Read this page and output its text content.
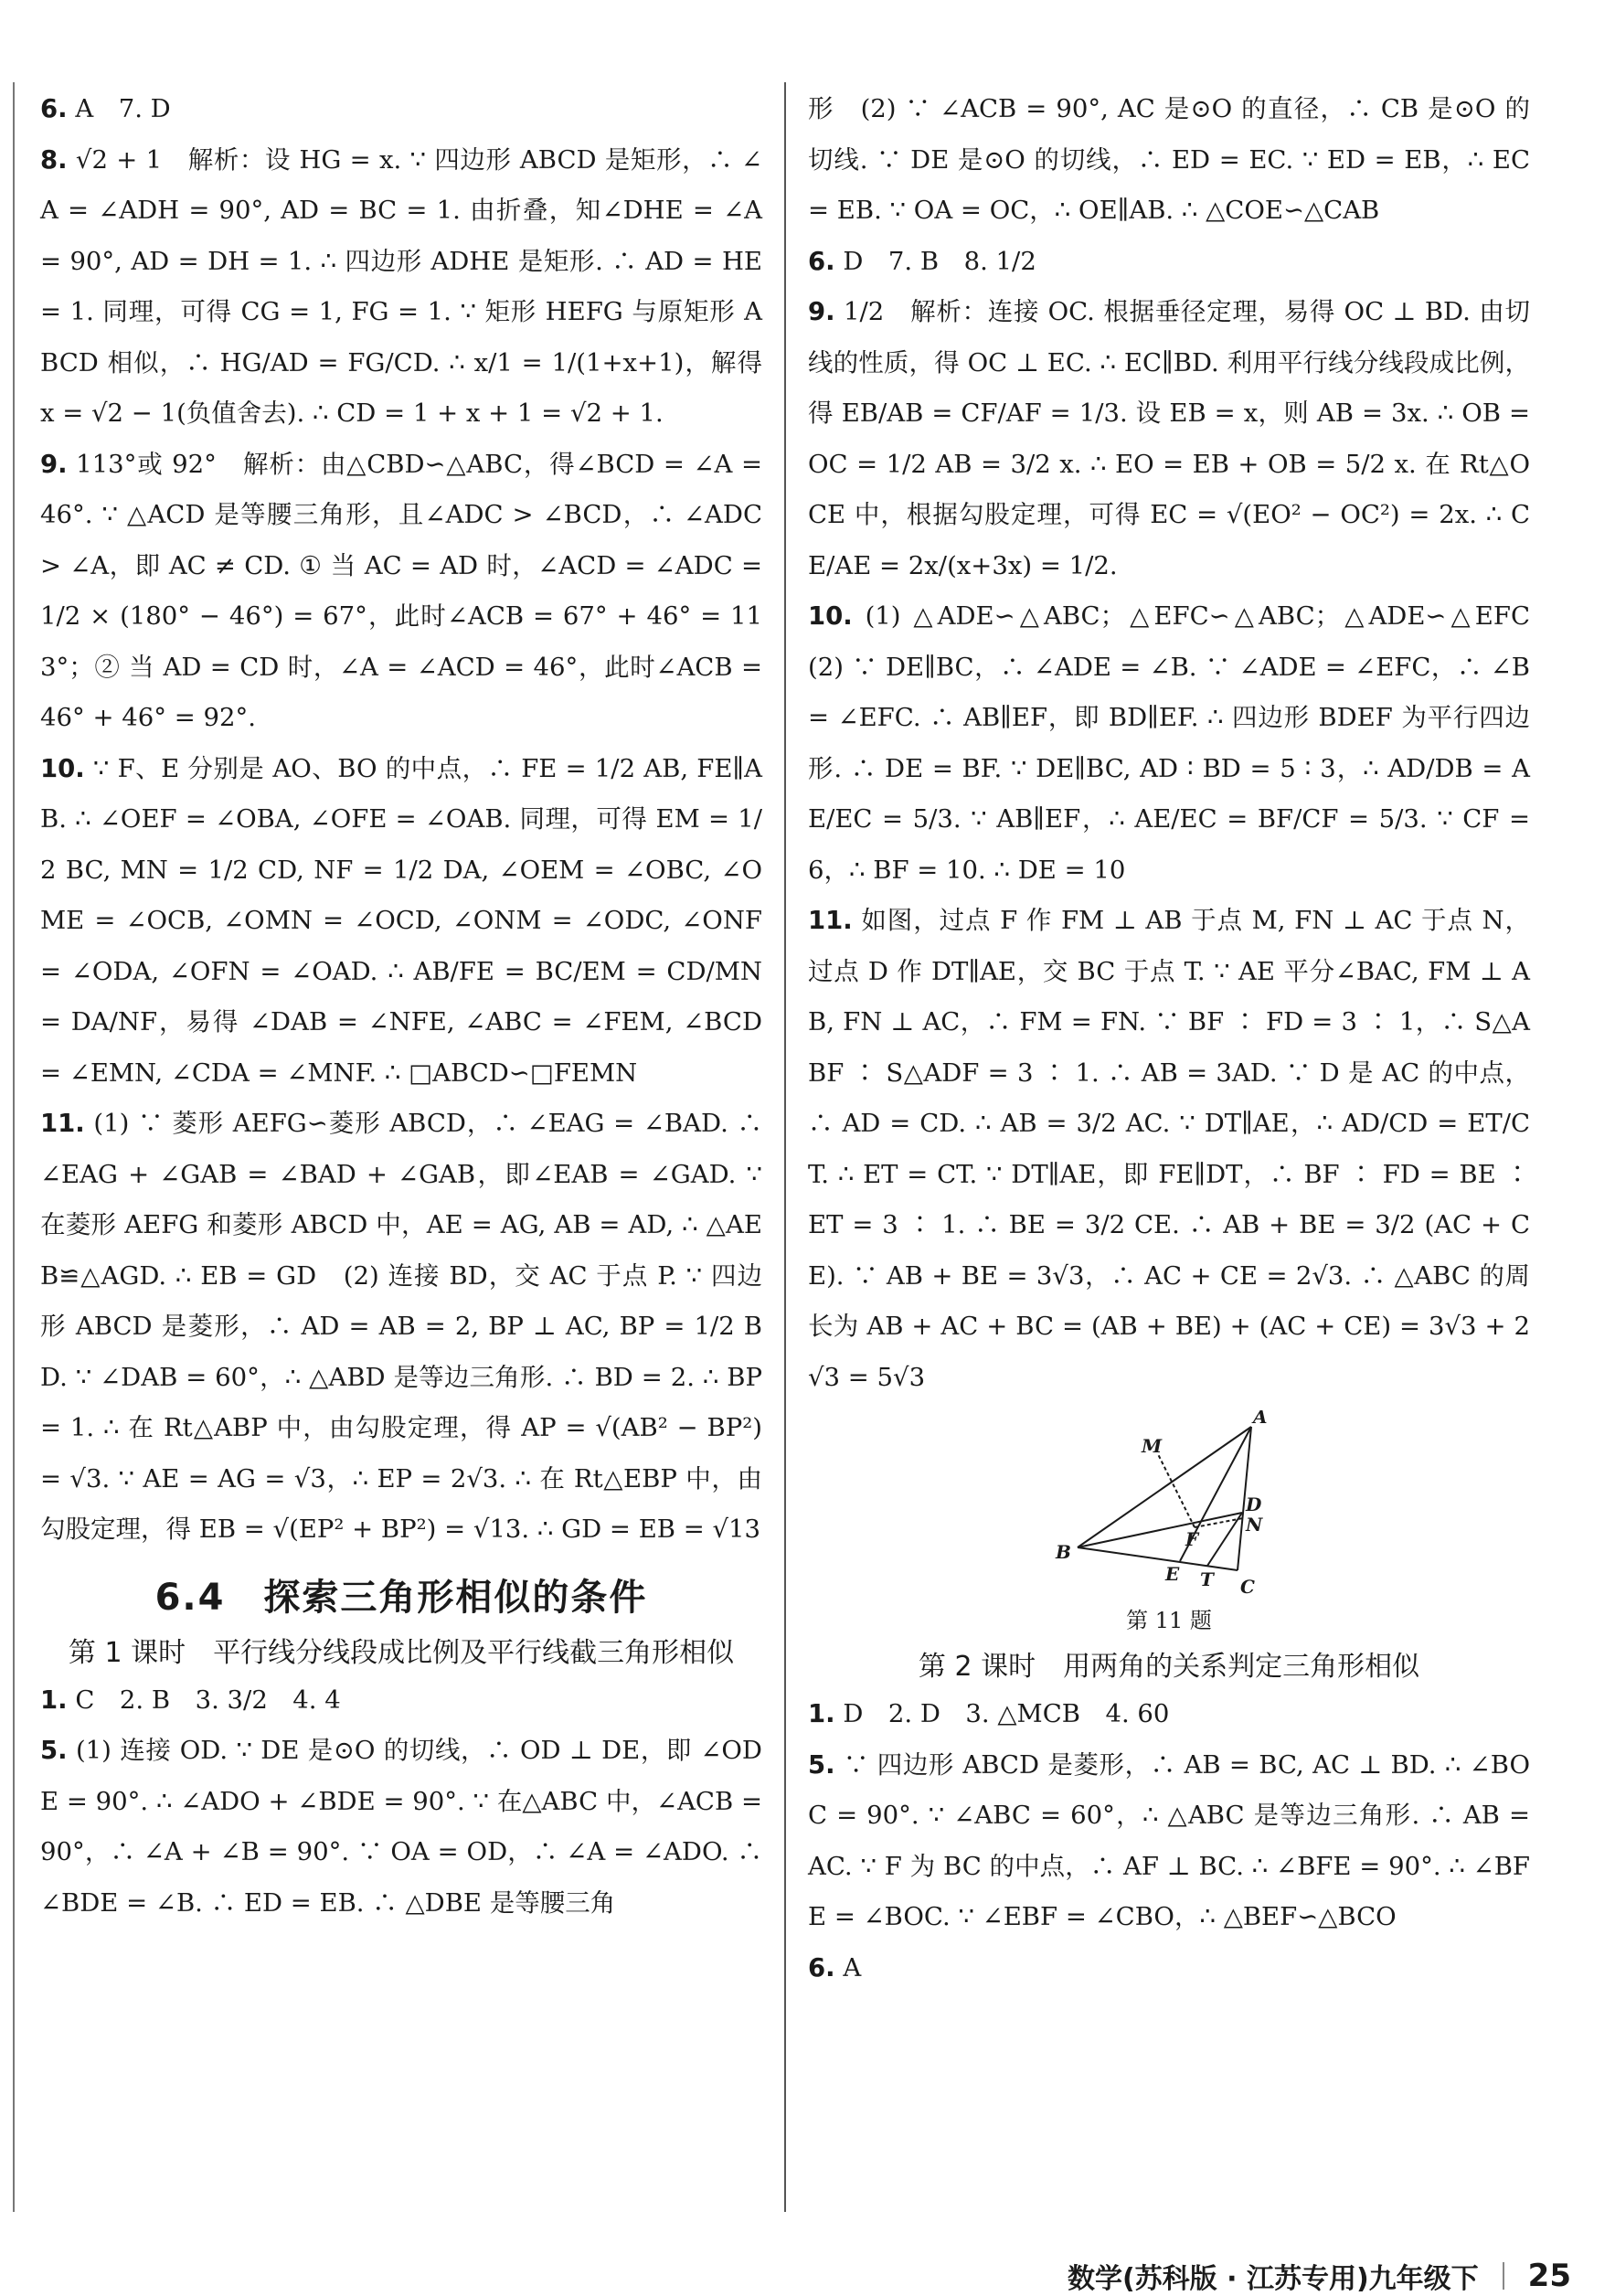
6. A　7. D

8. √2 + 1　解析：设 HG = x. ∵ 四边形 ABCD 是矩形，∴ ∠A = ∠ADH = 90°, AD = BC = 1. 由折叠，知∠DHE = ∠A = 90°, AD = DH = 1. ∴ 四边形 ADHE 是矩形. ∴ AD = HE = 1. 同理，可得 CG = 1, FG = 1. ∵ 矩形 HEFG 与原矩形 ABCD 相似，∴ HG/AD = FG/CD. ∴ x/1 = 1/(1+x+1)，解得 x = √2 − 1(负值舍去). ∴ CD = 1 + x + 1 = √2 + 1.

9. 113°或 92°　解析：由△CBD∽△ABC，得∠BCD = ∠A = 46°. ∵ △ACD 是等腰三角形，且∠ADC > ∠BCD，∴ ∠ADC > ∠A，即 AC ≠ CD. ① 当 AC = AD 时，∠ACD = ∠ADC = 1/2 × (180° − 46°) = 67°，此时∠ACB = 67° + 46° = 113°；② 当 AD = CD 时，∠A = ∠ACD = 46°，此时∠ACB = 46° + 46° = 92°.

10. ∵ F、E 分别是 AO、BO 的中点，∴ FE = 1/2 AB, FE∥AB. ∴ ∠OEF = ∠OBA, ∠OFE = ∠OAB. 同理，可得 EM = 1/2 BC, MN = 1/2 CD, NF = 1/2 DA, ∠OEM = ∠OBC, ∠OME = ∠OCB, ∠OMN = ∠OCD, ∠ONM = ∠ODC, ∠ONF = ∠ODA, ∠OFN = ∠OAD. ∴ AB/FE = BC/EM = CD/MN = DA/NF，易得 ∠DAB = ∠NFE, ∠ABC = ∠FEM, ∠BCD = ∠EMN, ∠CDA = ∠MNF. ∴ □ABCD∽□FEMN

11. (1) ∵ 菱形 AEFG∽菱形 ABCD，∴ ∠EAG = ∠BAD. ∴ ∠EAG + ∠GAB = ∠BAD + ∠GAB，即∠EAB = ∠GAD. ∵ 在菱形 AEFG 和菱形 ABCD 中，AE = AG, AB = AD, ∴ △AEB≌△AGD. ∴ EB = GD　(2) 连接 BD，交 AC 于点 P. ∵ 四边形 ABCD 是菱形，∴ AD = AB = 2, BP ⊥ AC, BP = 1/2 BD. ∵ ∠DAB = 60°，∴ △ABD 是等边三角形. ∴ BD = 2. ∴ BP = 1. ∴ 在 Rt△ABP 中，由勾股定理，得 AP = √(AB² − BP²) = √3. ∵ AE = AG = √3，∴ EP = 2√3. ∴ 在 Rt△EBP 中，由勾股定理，得 EB = √(EP² + BP²) = √13. ∴ GD = EB = √13

6.4　探索三角形相似的条件
第 1 课时　平行线分线段成比例及平行线截三角形相似

1. C　2. B　3. 3/2　4. 4

5. (1) 连接 OD. ∵ DE 是⊙O 的切线，∴ OD ⊥ DE，即 ∠ODE = 90°. ∴ ∠ADO + ∠BDE = 90°. ∵ 在△ABC 中，∠ACB = 90°，∴ ∠A + ∠B = 90°. ∵ OA = OD，∴ ∠A = ∠ADO. ∴ ∠BDE = ∠B. ∴ ED = EB. ∴ △DBE 是等腰三角

形　(2) ∵ ∠ACB = 90°, AC 是⊙O 的直径，∴ CB 是⊙O 的切线. ∵ DE 是⊙O 的切线，∴ ED = EC. ∵ ED = EB，∴ EC = EB. ∵ OA = OC，∴ OE∥AB. ∴ △COE∽△CAB

6. D　7. B　8. 1/2

9. 1/2　解析：连接 OC. 根据垂径定理，易得 OC ⊥ BD. 由切线的性质，得 OC ⊥ EC. ∴ EC∥BD. 利用平行线分线段成比例，得 EB/AB = CF/AF = 1/3. 设 EB = x，则 AB = 3x. ∴ OB = OC = 1/2 AB = 3/2 x. ∴ EO = EB + OB = 5/2 x. 在 Rt△OCE 中，根据勾股定理，可得 EC = √(EO² − OC²) = 2x. ∴ CE/AE = 2x/(x+3x) = 1/2.

10. (1) △ADE∽△ABC；△EFC∽△ABC；△ADE∽△EFC　(2) ∵ DE∥BC，∴ ∠ADE = ∠B. ∵ ∠ADE = ∠EFC，∴ ∠B = ∠EFC. ∴ AB∥EF，即 BD∥EF. ∴ 四边形 BDEF 为平行四边形. ∴ DE = BF. ∵ DE∥BC, AD ∶ BD = 5 ∶ 3，∴ AD/DB = AE/EC = 5/3. ∵ AB∥EF，∴ AE/EC = BF/CF = 5/3. ∵ CF = 6，∴ BF = 10. ∴ DE = 10

11. 如图，过点 F 作 FM ⊥ AB 于点 M, FN ⊥ AC 于点 N，过点 D 作 DT∥AE，交 BC 于点 T. ∵ AE 平分∠BAC, FM ⊥ AB, FN ⊥ AC，∴ FM = FN. ∵ BF ∶ FD = 3 ∶ 1，∴ S△ABF ∶ S△ADF = 3 ∶ 1. ∴ AB = 3AD. ∵ D 是 AC 的中点，∴ AD = CD. ∴ AB = 3/2 AC. ∵ DT∥AE，∴ AD/CD = ET/CT. ∴ ET = CT. ∵ DT∥AE，即 FE∥DT，∴ BF ∶ FD = BE ∶ ET = 3 ∶ 1. ∴ BE = 3/2 CE. ∴ AB + BE = 3/2 (AC + CE). ∵ AB + BE = 3√3，∴ AC + CE = 2√3. ∴ △ABC 的周长为 AB + AC + BC = (AB + BE) + (AC + CE) = 3√3 + 2√3 = 5√3

A
B
C
D
E
F
M
N
T
第 11 题
第 2 课时　用两角的关系判定三角形相似

1. D　2. D　3. △MCB　4. 60

5. ∵ 四边形 ABCD 是菱形，∴ AB = BC, AC ⊥ BD. ∴ ∠BOC = 90°. ∵ ∠ABC = 60°，∴ △ABC 是等边三角形. ∴ AB = AC. ∵ F 为 BC 的中点，∴ AF ⊥ BC. ∴ ∠BFE = 90°. ∴ ∠BFE = ∠BOC. ∵ ∠EBF = ∠CBO，∴ △BEF∽△BCO

6. A

数学(苏科版 · 江苏专用)九年级下 25
